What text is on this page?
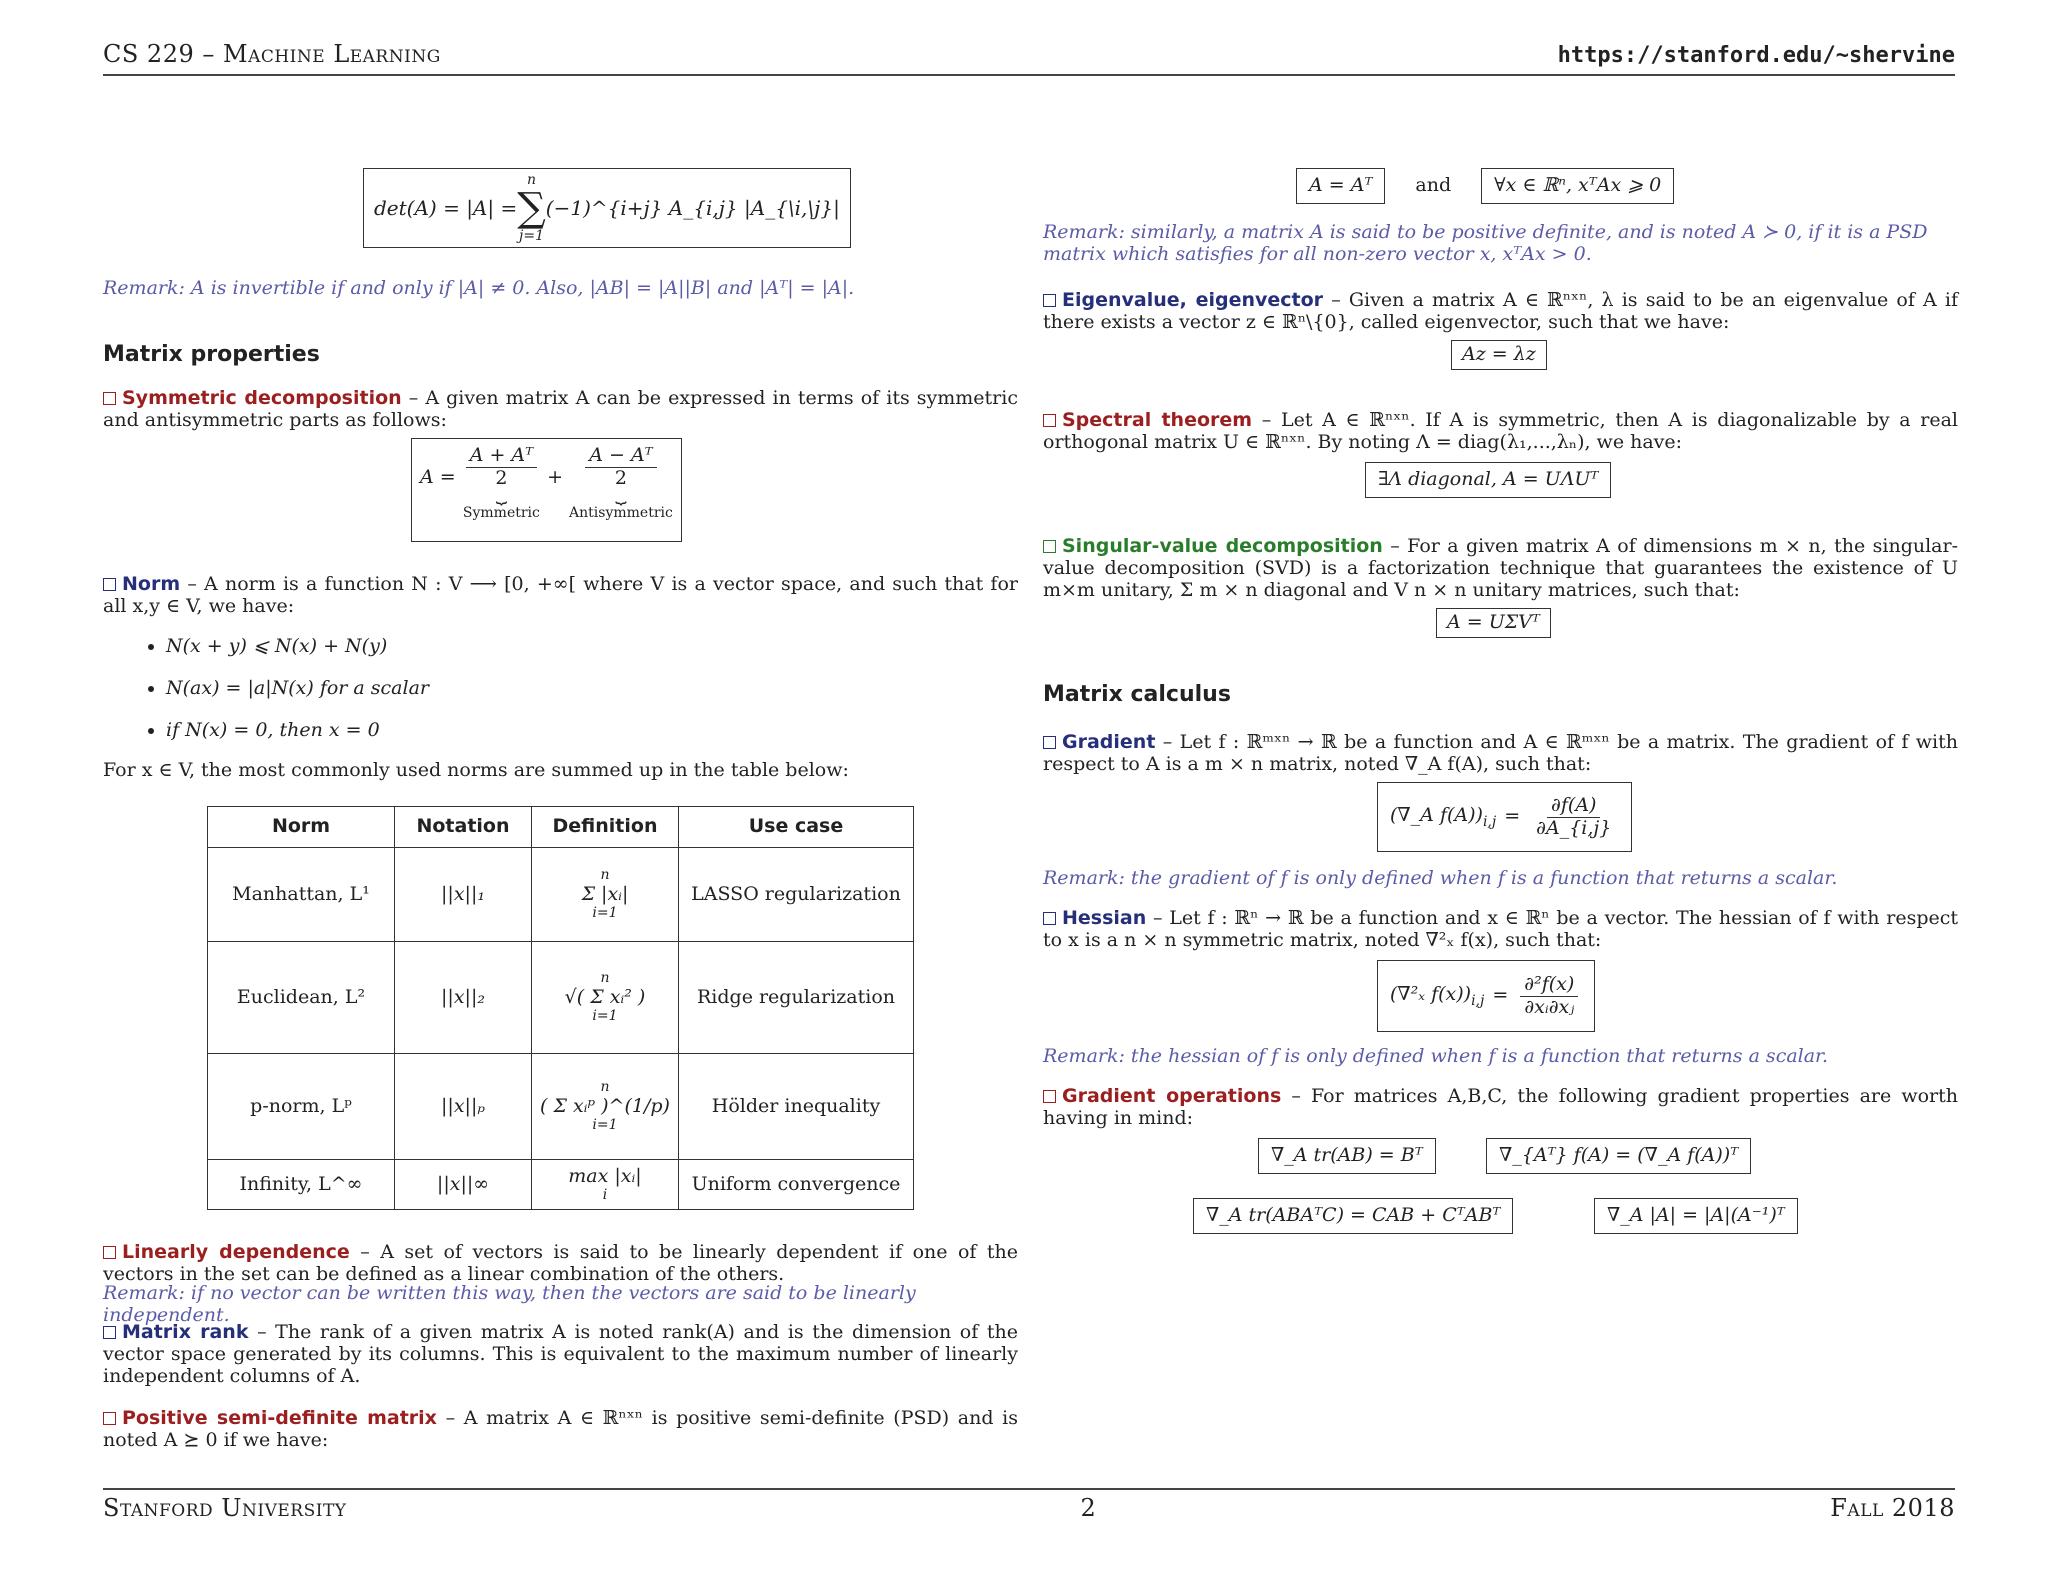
CS 229 – Machine Learning	https://stanford.edu/~shervine
det(A) = |A| =
n
∑
j=1
(−1)^{i+j} A_{i,j} |A_{\i,\j}|
Remark: A is invertible if and only if |A| ≠ 0. Also, |AB| = |A||B| and |Aᵀ| = |A|.
Matrix properties
Symmetric decomposition – A given matrix A can be expressed in terms of its symmetric and antisymmetric parts as follows:
$A = \frac{\text{A + Aᵀ}}{2}$
⏟
Symmetric
+ $\frac{\text{A − Aᵀ}}{2}$
⏟
Antisymmetric
Norm – A norm is a function N : V ⟶ [0, +∞[ where V is a vector space, and such that for all x,y ∈ V, we have:
• N(x + y) ⩽ N(x) + N(y)
• N(ax) = |a|N(x) for a scalar
• if N(x) = 0, then x = 0
For x ∈ V, the most commonly used norms are summed up in the table below:
Norm	Notation	Definition	Use case
Manhattan, L¹	||x||₁	n
Σ |xᵢ|
i=1	LASSO regularization
Euclidean, L²	||x||₂	n
√( Σ xᵢ² )
i=1	Ridge regularization
p-norm, Lᵖ	||x||ₚ	n
( Σ xᵢᵖ )^(1/p)
i=1	Hölder inequality
Infinity, L^∞	||x||∞	max |xᵢ|
i	Uniform convergence
Linearly dependence – A set of vectors is said to be linearly dependent if one of the vectors in the set can be defined as a linear combination of the others.
Remark: if no vector can be written this way, then the vectors are said to be linearly independent.
Matrix rank – The rank of a given matrix A is noted rank(A) and is the dimension of the vector space generated by its columns. This is equivalent to the maximum number of linearly independent columns of A.
Positive semi-definite matrix – A matrix A ∈ ℝⁿˣⁿ is positive semi-definite (PSD) and is noted A ⪰ 0 if we have:
A = Aᵀ	and	∀x ∈ ℝⁿ, xᵀAx ⩾ 0
Remark: similarly, a matrix A is said to be positive definite, and is noted A ≻ 0, if it is a PSD matrix which satisfies for all non-zero vector x, xᵀAx > 0.
Eigenvalue, eigenvector – Given a matrix A ∈ ℝⁿˣⁿ, λ is said to be an eigenvalue of A if there exists a vector z ∈ ℝⁿ\{0}, called eigenvector, such that we have:
Az = λz
Spectral theorem – Let A ∈ ℝⁿˣⁿ. If A is symmetric, then A is diagonalizable by a real orthogonal matrix U ∈ ℝⁿˣⁿ. By noting Λ = diag(λ₁,...,λₙ), we have:
∃Λ diagonal, A = UΛUᵀ
Singular-value decomposition – For a given matrix A of dimensions m × n, the singular-value decomposition (SVD) is a factorization technique that guarantees the existence of U m×m unitary, Σ m × n diagonal and V n × n unitary matrices, such that:
A = UΣVᵀ
Matrix calculus
Gradient – Let f : ℝᵐˣⁿ → ℝ be a function and A ∈ ℝᵐˣⁿ be a matrix. The gradient of f with respect to A is a m × n matrix, noted ∇_A f(A), such that:
(∇_A $f(A))_{i,j} = \frac{\partial f(A)}{\partial A\_\{i,j\}}$
Remark: the gradient of f is only defined when f is a function that returns a scalar.
Hessian – Let f : ℝⁿ → ℝ be a function and x ∈ ℝⁿ be a vector. The hessian of f with respect to x is a n × n symmetric matrix, noted ∇²ₓ f(x), such that:
(∇²ₓ $f(x))_{i,j} = \frac{\text{∂²f(x)}}{\text{∂xᵢ∂xⱼ}}$
Remark: the hessian of f is only defined when f is a function that returns a scalar.
Gradient operations – For matrices A,B,C, the following gradient properties are worth having in mind:
∇_A tr(AB) = Bᵀ	∇_{Aᵀ} f(A) = (∇_A f(A))ᵀ
∇_A tr(ABAᵀC) = CAB + CᵀABᵀ	∇_A |A| = |A|(A⁻¹)ᵀ
Stanford University	2	Fall 2018
